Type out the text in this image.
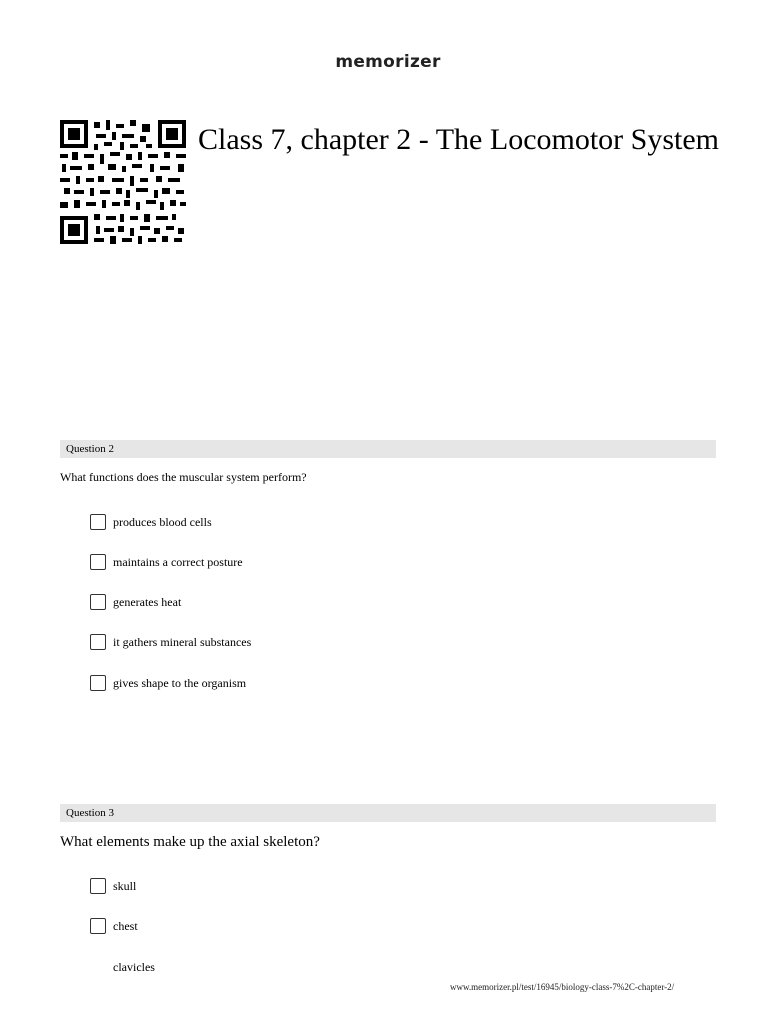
memorizer
Class 7, chapter 2 - The Locomotor System
Question 2
What functions does the muscular system perform?
produces blood cells
maintains a correct posture
generates heat
it gathers mineral substances
gives shape to the organism
Question 3
What elements make up the axial skeleton?
skull
chest
clavicles
www.memorizer.pl/test/16945/biology-class-7%2C-chapter-2/
